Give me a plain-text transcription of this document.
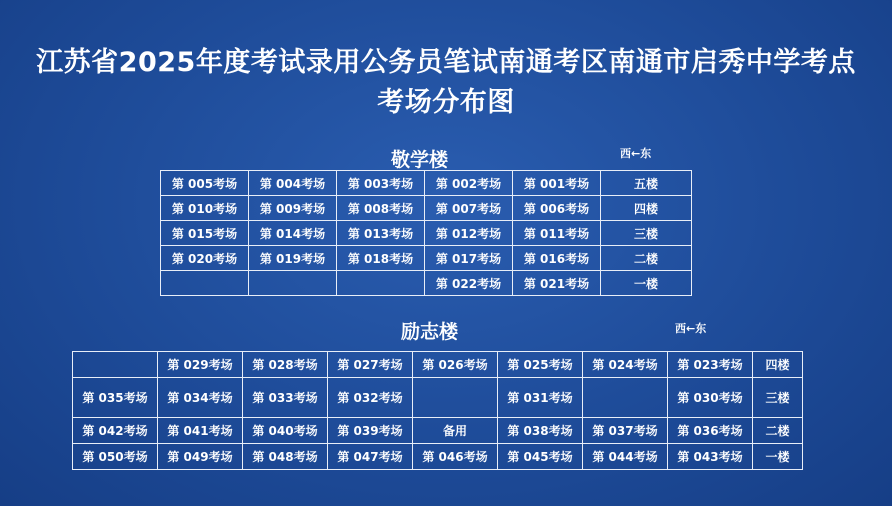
江苏省2025年度考试录用公务员笔试南通考区南通市启秀中学考点
考场分布图
敬学楼	西←东
第 005考场	第 004考场	第 003考场	第 002考场	第 001考场	五楼
第 010考场	第 009考场	第 008考场	第 007考场	第 006考场	四楼
第 015考场	第 014考场	第 013考场	第 012考场	第 011考场	三楼
第 020考场	第 019考场	第 018考场	第 017考场	第 016考场	二楼
			第 022考场	第 021考场	一楼
励志楼	西←东
	第 029考场	第 028考场	第 027考场	第 026考场	第 025考场	第 024考场	第 023考场	四楼
第 035考场	第 034考场	第 033考场	第 032考场		第 031考场		第 030考场	三楼
第 042考场	第 041考场	第 040考场	第 039考场	备用	第 038考场	第 037考场	第 036考场	二楼
第 050考场	第 049考场	第 048考场	第 047考场	第 046考场	第 045考场	第 044考场	第 043考场	一楼
